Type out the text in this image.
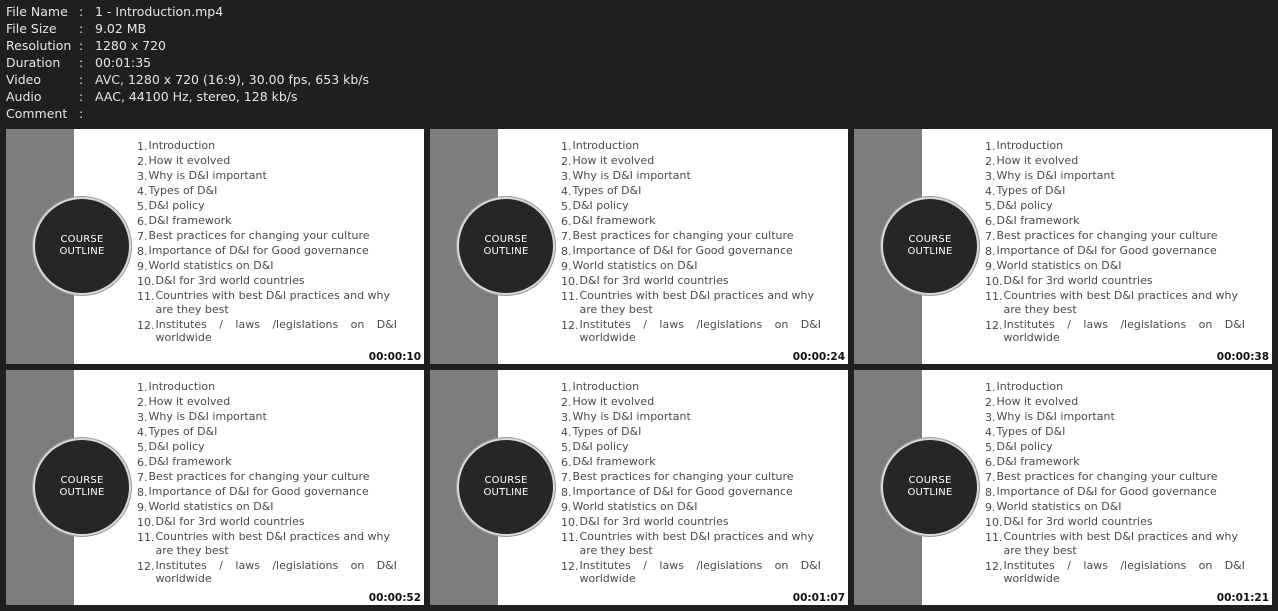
File Name : 1 - Introduction.mp4
File Size	: 9.02 MB
Resolution : 1280 x 720
Duration	: 00:01:35
Video	: AVC, 1280 x 720 (16:9), 30.00 fps, 653 kb/s
Audio	: AAC, 44100 Hz, stereo, 128 kb/s
Comment :
COURSE
OUTLINE
1. Introduction
2. How it evolved
3. Why is D&I important
4. Types of D&I
5. D&I policy
6. D&I framework
7. Best practices for changing your culture
8. Importance of D&I for Good governance
9. World statistics on D&I
10. D&I for 3rd world countries
11. Countries with best D&I practices and why are they best
12. Institutes / laws /legislations on D&I worldwide
00:00:10
COURSE
OUTLINE
1. Introduction
2. How it evolved
3. Why is D&I important
4. Types of D&I
5. D&I policy
6. D&I framework
7. Best practices for changing your culture
8. Importance of D&I for Good governance
9. World statistics on D&I
10. D&I for 3rd world countries
11. Countries with best D&I practices and why are they best
12. Institutes / laws /legislations on D&I worldwide
00:00:24
COURSE
OUTLINE
1. Introduction
2. How it evolved
3. Why is D&I important
4. Types of D&I
5. D&I policy
6. D&I framework
7. Best practices for changing your culture
8. Importance of D&I for Good governance
9. World statistics on D&I
10. D&I for 3rd world countries
11. Countries with best D&I practices and why are they best
12. Institutes / laws /legislations on D&I worldwide
00:00:38
COURSE
OUTLINE
1. Introduction
2. How it evolved
3. Why is D&I important
4. Types of D&I
5. D&I policy
6. D&I framework
7. Best practices for changing your culture
8. Importance of D&I for Good governance
9. World statistics on D&I
10. D&I for 3rd world countries
11. Countries with best D&I practices and why are they best
12. Institutes / laws /legislations on D&I worldwide
00:00:52
COURSE
OUTLINE
1. Introduction
2. How it evolved
3. Why is D&I important
4. Types of D&I
5. D&I policy
6. D&I framework
7. Best practices for changing your culture
8. Importance of D&I for Good governance
9. World statistics on D&I
10. D&I for 3rd world countries
11. Countries with best D&I practices and why are they best
12. Institutes / laws /legislations on D&I worldwide
00:01:07
COURSE
OUTLINE
1. Introduction
2. How it evolved
3. Why is D&I important
4. Types of D&I
5. D&I policy
6. D&I framework
7. Best practices for changing your culture
8. Importance of D&I for Good governance
9. World statistics on D&I
10. D&I for 3rd world countries
11. Countries with best D&I practices and why are they best
12. Institutes / laws /legislations on D&I worldwide
00:01:21
